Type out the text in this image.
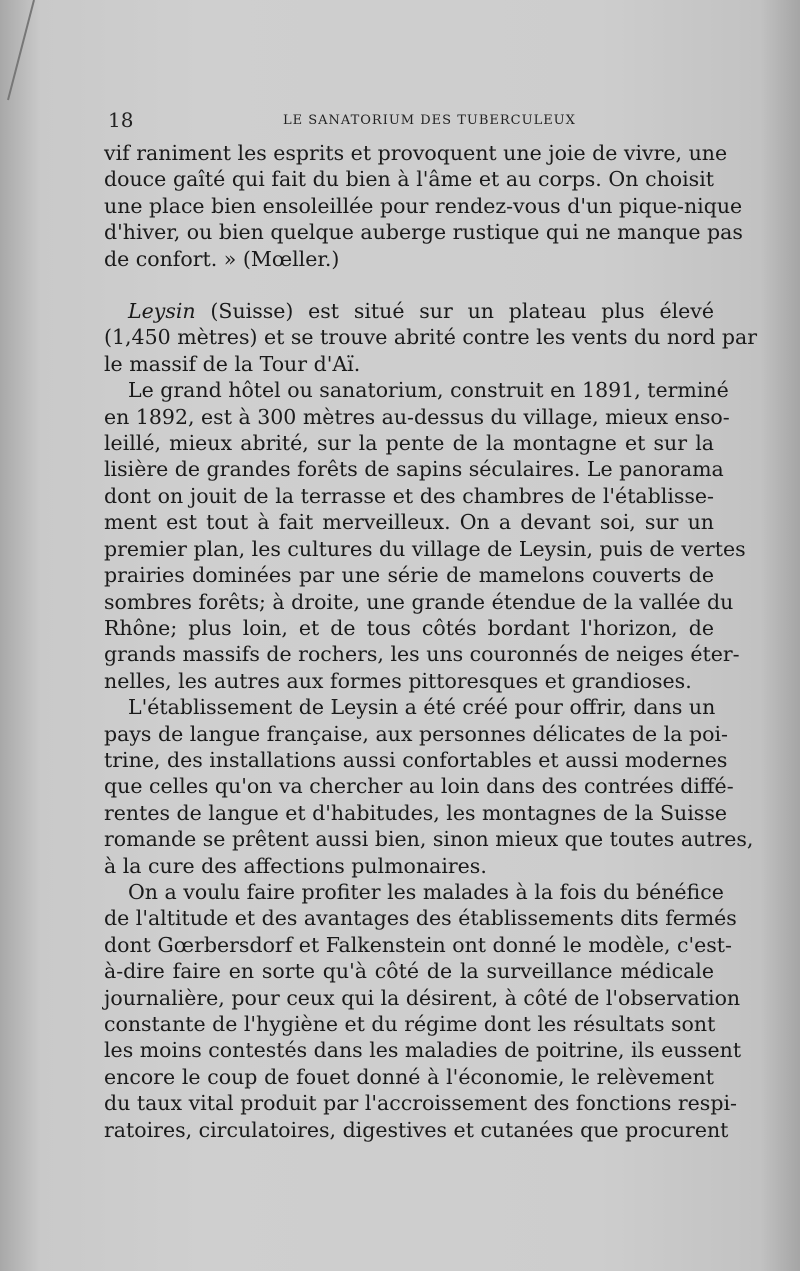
18	LE SANATORIUM DES TUBERCULEUX
vif raniment les esprits et provoquent une joie de vivre, une
douce gaîté qui fait du bien à l'âme et au corps. On choisit
une place bien ensoleillée pour rendez-vous d'un pique-nique
d'hiver, ou bien quelque auberge rustique qui ne manque pas
de confort. » (Mœller.)
Leysin (Suisse) est situé sur un plateau plus élevé
(1,450 mètres) et se trouve abrité contre les vents du nord par
le massif de la Tour d'Aï.
Le grand hôtel ou sanatorium, construit en 1891, terminé
en 1892, est à 300 mètres au-dessus du village, mieux enso-
leillé, mieux abrité, sur la pente de la montagne et sur la
lisière de grandes forêts de sapins séculaires. Le panorama
dont on jouit de la terrasse et des chambres de l'établisse-
ment est tout à fait merveilleux. On a devant soi, sur un
premier plan, les cultures du village de Leysin, puis de vertes
prairies dominées par une série de mamelons couverts de
sombres forêts; à droite, une grande étendue de la vallée du
Rhône; plus loin, et de tous côtés bordant l'horizon, de
grands massifs de rochers, les uns couronnés de neiges éter-
nelles, les autres aux formes pittoresques et grandioses.
L'établissement de Leysin a été créé pour offrir, dans un
pays de langue française, aux personnes délicates de la poi-
trine, des installations aussi confortables et aussi modernes
que celles qu'on va chercher au loin dans des contrées diffé-
rentes de langue et d'habitudes, les montagnes de la Suisse
romande se prêtent aussi bien, sinon mieux que toutes autres,
à la cure des affections pulmonaires.
On a voulu faire profiter les malades à la fois du bénéfice
de l'altitude et des avantages des établissements dits fermés
dont Gœrbersdorf et Falkenstein ont donné le modèle, c'est-
à-dire faire en sorte qu'à côté de la surveillance médicale
journalière, pour ceux qui la désirent, à côté de l'observation
constante de l'hygiène et du régime dont les résultats sont
les moins contestés dans les maladies de poitrine, ils eussent
encore le coup de fouet donné à l'économie, le relèvement
du taux vital produit par l'accroissement des fonctions respi-
ratoires, circulatoires, digestives et cutanées que procurent
